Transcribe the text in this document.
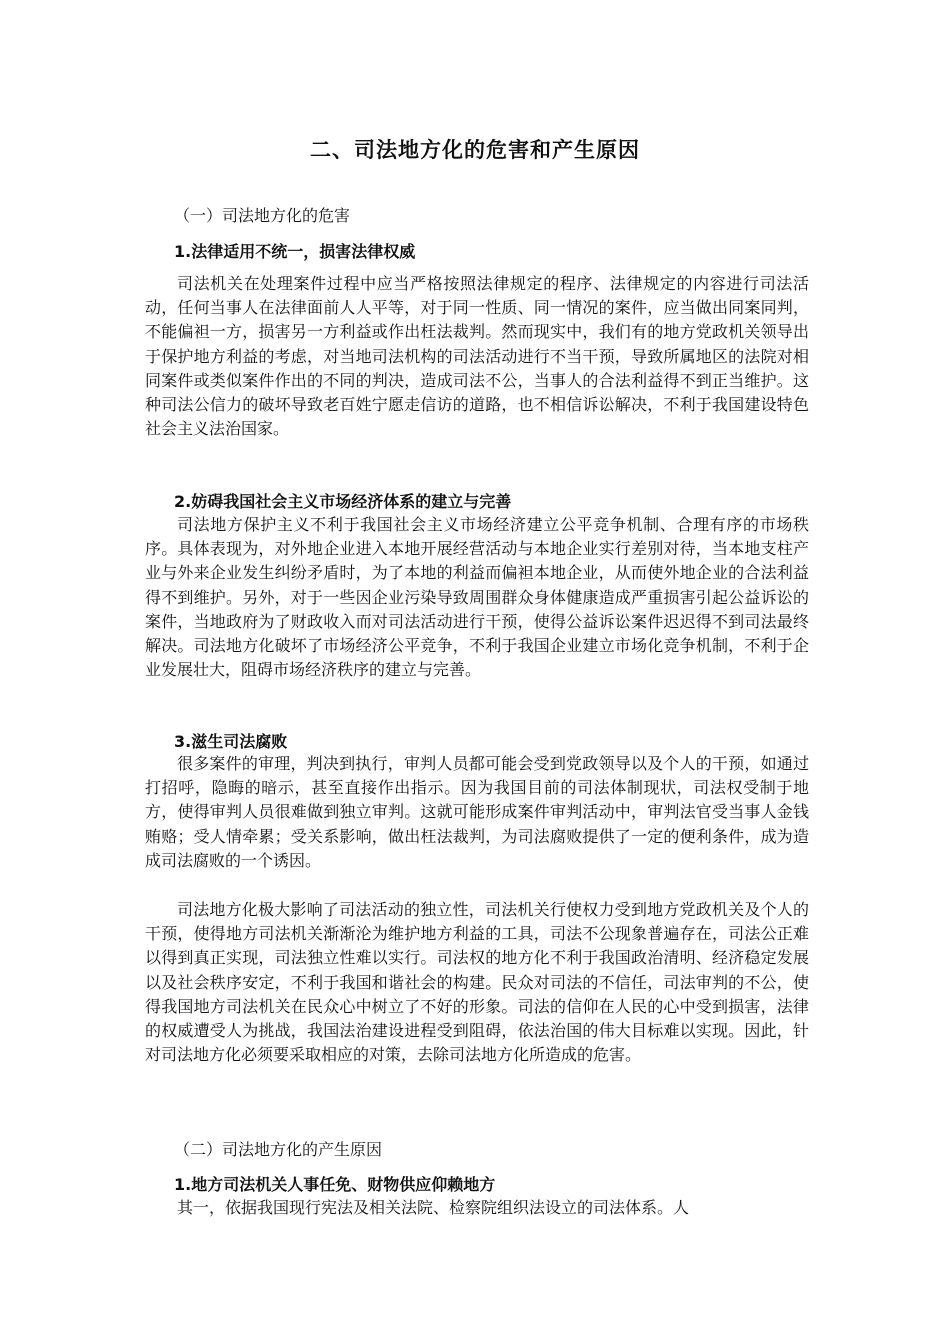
二、司法地方化的危害和产生原因
（一）司法地方化的危害
1.法律适用不统一，损害法律权威

司法机关在处理案件过程中应当严格按照法律规定的程序、法律规定的内容进行司法活动，任何当事人在法律面前人人平等，对于同一性质、同一情况的案件，应当做出同案同判，不能偏袒一方，损害另一方利益或作出枉法裁判。然而现实中，我们有的地方党政机关领导出于保护地方利益的考虑，对当地司法机构的司法活动进行不当干预，导致所属地区的法院对相同案件或类似案件作出的不同的判决，造成司法不公，当事人的合法利益得不到正当维护。这种司法公信力的破坏导致老百姓宁愿走信访的道路，也不相信诉讼解决，不利于我国建设特色社会主义法治国家。

2.妨碍我国社会主义市场经济体系的建立与完善

司法地方保护主义不利于我国社会主义市场经济建立公平竞争机制、合理有序的市场秩序。具体表现为，对外地企业进入本地开展经营活动与本地企业实行差别对待，当本地支柱产业与外来企业发生纠纷矛盾时，为了本地的利益而偏袒本地企业，从而使外地企业的合法利益得不到维护。另外，对于一些因企业污染导致周围群众身体健康造成严重损害引起公益诉讼的案件，当地政府为了财政收入而对司法活动进行干预，使得公益诉讼案件迟迟得不到司法最终解决。司法地方化破坏了市场经济公平竞争，不利于我国企业建立市场化竞争机制，不利于企业发展壮大，阻碍市场经济秩序的建立与完善。

3.滋生司法腐败

很多案件的审理，判决到执行，审判人员都可能会受到党政领导以及个人的干预，如通过打招呼，隐晦的暗示，甚至直接作出指示。因为我国目前的司法体制现状，司法权受制于地方，使得审判人员很难做到独立审判。这就可能形成案件审判活动中，审判法官受当事人金钱贿赂；受人情牵累；受关系影响，做出枉法裁判，为司法腐败提供了一定的便利条件，成为造成司法腐败的一个诱因。

司法地方化极大影响了司法活动的独立性，司法机关行使权力受到地方党政机关及个人的干预，使得地方司法机关渐渐沦为维护地方利益的工具，司法不公现象普遍存在，司法公正难以得到真正实现，司法独立性难以实行。司法权的地方化不利于我国政治清明、经济稳定发展以及社会秩序安定，不利于我国和谐社会的构建。民众对司法的不信任，司法审判的不公，使得我国地方司法机关在民众心中树立了不好的形象。司法的信仰在人民的心中受到损害，法律的权威遭受人为挑战，我国法治建设进程受到阻碍，依法治国的伟大目标难以实现。因此，针对司法地方化必须要采取相应的对策，去除司法地方化所造成的危害。

（二）司法地方化的产生原因
1.地方司法机关人事任免、财物供应仰赖地方

其一，依据我国现行宪法及相关法院、检察院组织法设立的司法体系。人
